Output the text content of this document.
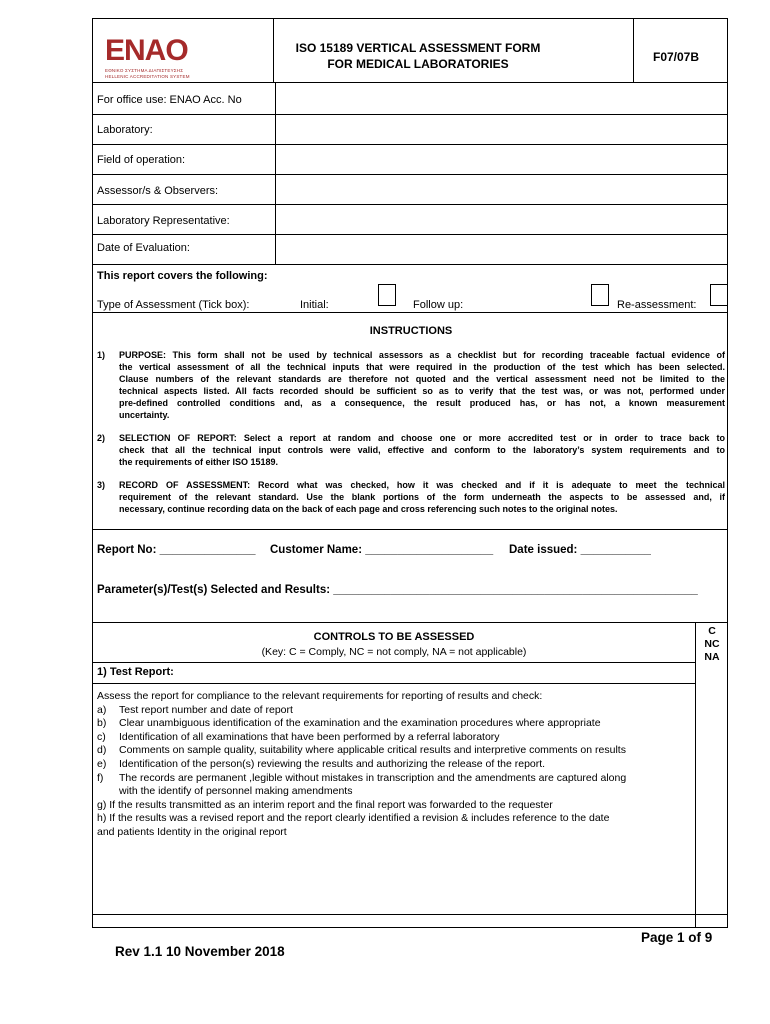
ENAO
ΕΘΝΙΚΟ ΣΥΣΤΗΜΑ ΔΙΑΠΙΣΤΕΥΣΗΣ
HELLENIC ACCREDITATION SYSTEM
ISO 15189 VERTICAL ASSESSMENT FORM
FOR MEDICAL LABORATORIES	F07/07B
For office use: ENAO Acc. No
Laboratory:
Field of operation:
Assessor/s & Observers:
Laboratory Representative:
Date of Evaluation:
This report covers the following:
Type of Assessment (Tick box):	Initial:	Follow up:	Re-assessment:
INSTRUCTIONS
1) PURPOSE: This form shall not be used by technical assessors as a checklist but for recording traceable factual evidence of
the vertical assessment of all the technical inputs that were required in the production of the test which has been selected.
Clause numbers of the relevant standards are therefore not quoted and the vertical assessment need not be limited to the
technical aspects listed. All facts recorded should be sufficient so as to verify that the test was, or was not, performed under
pre-defined controlled conditions and, as a consequence, the result produced has, or has not, a known measurement
uncertainty.
2) SELECTION OF REPORT: Select a report at random and choose one or more accredited test or in order to trace back to
check that all the technical input controls were valid, effective and conform to the laboratory’s system requirements and to
the requirements of either ISO 15189.
3) RECORD OF ASSESSMENT: Record what was checked, how it was checked and if it is adequate to meet the technical
requirement of the relevant standard. Use the blank portions of the form underneath the aspects to be assessed and, if
necessary, continue recording data on the back of each page and cross referencing such notes to the original notes.
Report No: _______________ Customer Name: ____________________ Date issued: ___________
Parameter(s)/Test(s) Selected and Results: _________________________________________________________
CONTROLS TO BE ASSESSED
(Key: C = Comply, NC = not comply, NA = not applicable)
C
NC
NA
1) Test Report:
Assess the report for compliance to the relevant requirements for reporting of results and check:
a) Test report number and date of report
b) Clear unambiguous identification of the examination and the examination procedures where appropriate
c) Identification of all examinations that have been performed by a referral laboratory
d) Comments on sample quality, suitability where applicable critical results and interpretive comments on results
e) Identification of the person(s) reviewing the results and authorizing the release of the report.
f) The records are permanent ,legible without mistakes in transcription and the amendments are captured along
with the identify of personnel making amendments
g) If the results transmitted as an interim report and the final report was forwarded to the requester
h) If the results was a revised report and the report clearly identified a revision & includes reference to the date
and patients Identity in the original report
Page 1 of 9
Rev 1.1 10 November 2018
